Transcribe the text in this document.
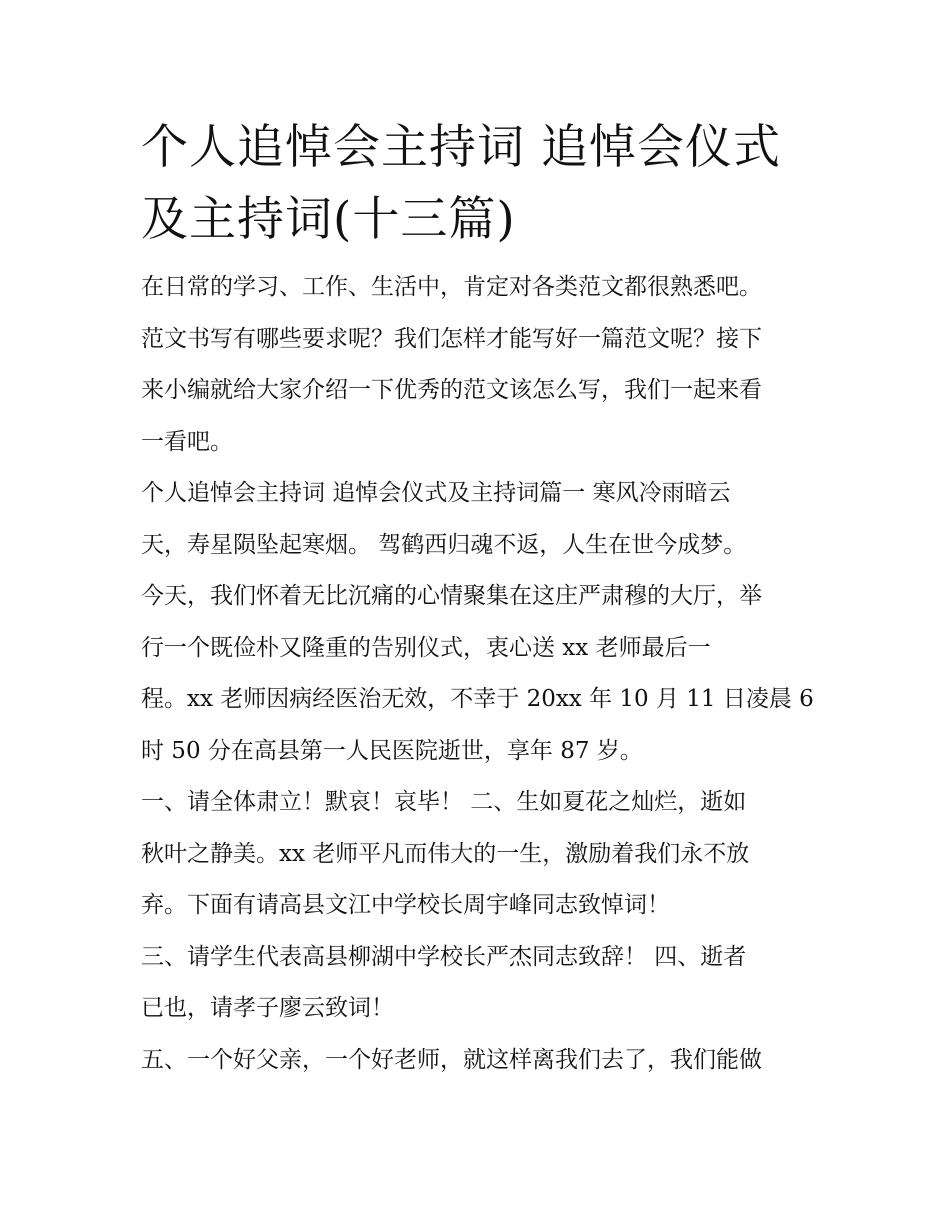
个人追悼会主持词 追悼会仪式
及主持词(十三篇)

在日常的学习、工作、生活中，肯定对各类范文都很熟悉吧。
范文书写有哪些要求呢？我们怎样才能写好一篇范文呢？接下
来小编就给大家介绍一下优秀的范文该怎么写，我们一起来看
一看吧。

个人追悼会主持词 追悼会仪式及主持词篇一 寒风冷雨暗云
天，寿星陨坠起寒烟。 驾鹤西归魂不返，人生在世今成梦。
今天，我们怀着无比沉痛的心情聚集在这庄严肃穆的大厅，举
行一个既俭朴又隆重的告别仪式，衷心送 xx 老师最后一
程。xx 老师因病经医治无效，不幸于 20xx 年 10 月 11 日凌晨 6
时 50 分在高县第一人民医院逝世，享年 87 岁。

一、请全体肃立！默哀！哀毕！ 二、生如夏花之灿烂，逝如
秋叶之静美。xx 老师平凡而伟大的一生，激励着我们永不放
弃。下面有请高县文江中学校长周宇峰同志致悼词！

三、请学生代表高县柳湖中学校长严杰同志致辞！ 四、逝者
已也，请孝子廖云致词！

五、一个好父亲，一个好老师，就这样离我们去了，我们能做
